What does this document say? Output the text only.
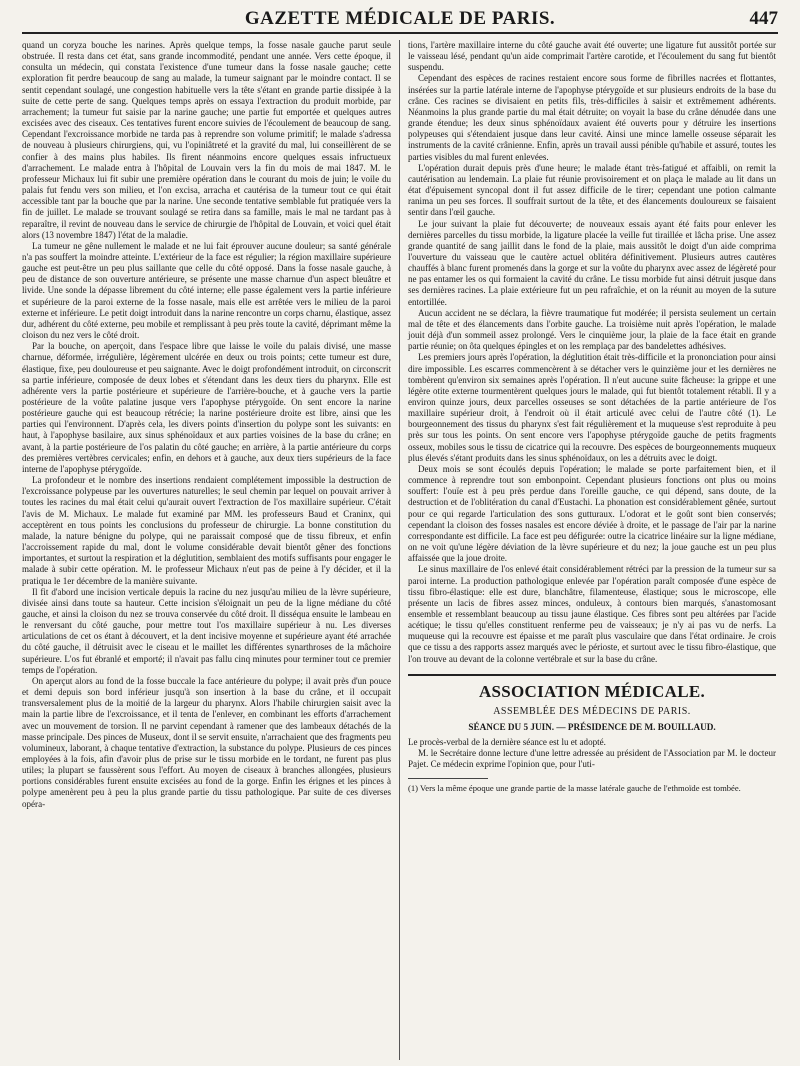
GAZETTE MÉDICALE DE PARIS.	447

quand un coryza bouche les narines. Après quelque temps, la fosse nasale gauche parut seule obstruée. Il resta dans cet état, sans grande incommodité, pendant une année. Vers cette époque, il consulta un médecin, qui constata l'existence d'une tumeur dans la fosse nasale gauche; cette exploration fit perdre beaucoup de sang au malade, la tumeur saignant par le moindre contact. Il se sentit cependant soulagé, une congestion habituelle vers la tête s'étant en grande partie dissipée à la suite de cette perte de sang. Quelques temps après on essaya l'extraction du produit morbide, par arrachement; la tumeur fut saisie par la narine gauche; une partie fut emportée et quelques autres excisées avec des ciseaux. Ces tentatives furent encore suivies de l'écoulement de beaucoup de sang. Cependant l'excroissance morbide ne tarda pas à reprendre son volume primitif; le malade s'adressa de nouveau à plusieurs chirurgiens, qui, vu l'opiniâtreté et la gravité du mal, lui conseillèrent de se confier à des mains plus habiles. Ils firent néanmoins encore quelques essais infructueux d'arrachement. Le malade entra à l'hôpital de Louvain vers la fin du mois de mai 1847. M. le professeur Michaux lui fit subir une première opération dans le courant du mois de juin; le voile du palais fut fendu vers son milieu, et l'on excisa, arracha et cautérisa de la tumeur tout ce qui était accessible tant par la bouche que par la narine. Une seconde tentative semblable fut pratiquée vers la fin de juillet. Le malade se trouvant soulagé se retira dans sa famille, mais le mal ne tardant pas à reparaître, il revint de nouveau dans le service de chirurgie de l'hôpital de Louvain, et voici quel était alors (13 novembre 1847) l'état de la maladie.

La tumeur ne gêne nullement le malade et ne lui fait éprouver aucune douleur; sa santé générale n'a pas souffert la moindre atteinte. L'extérieur de la face est régulier; la région maxillaire supérieure gauche est peut-être un peu plus saillante que celle du côté opposé. Dans la fosse nasale gauche, à peu de distance de son ouverture antérieure, se présente une masse charnue d'un aspect bleuâtre et livide. Une sonde la dépasse librement du côté interne; elle passe également vers la partie inférieure et supérieure de la paroi externe de la fosse nasale, mais elle est arrêtée vers le milieu de la paroi externe et inférieure. Le petit doigt introduit dans la narine rencontre un corps charnu, élastique, assez dur, adhérent du côté externe, peu mobile et remplissant à peu près toute la cavité, déprimant même la cloison du nez vers le côté droit.

Par la bouche, on aperçoit, dans l'espace libre que laisse le voile du palais divisé, une masse charnue, déformée, irrégulière, légèrement ulcérée en deux ou trois points; cette tumeur est dure, élastique, fixe, peu douloureuse et peu saignante. Avec le doigt profondément introduit, on circonscrit sa partie inférieure, composée de deux lobes et s'étendant dans les deux tiers du pharynx. Elle est adhérente vers la partie postérieure et supérieure de l'arrière-bouche, et à gauche vers la partie postérieure de la voûte palatine jusque vers l'apophyse ptérygoïde. On sent encore la narine postérieure gauche qui est beaucoup rétrécie; la narine postérieure droite est libre, ainsi que les parties qui l'environnent. D'après cela, les divers points d'insertion du polype sont les suivants: en haut, à l'apophyse basilaire, aux sinus sphénoïdaux et aux parties voisines de la base du crâne; en avant, à la partie postérieure de l'os palatin du côté gauche; en arrière, à la partie antérieure du corps des premières vertèbres cervicales; enfin, en dehors et à gauche, aux deux tiers supérieurs de la face interne de l'apophyse ptérygoïde.

La profondeur et le nombre des insertions rendaient complétement impossible la destruction de l'excroissance polypeuse par les ouvertures naturelles; le seul chemin par lequel on pouvait arriver à toutes les racines du mal était celui qu'aurait ouvert l'extraction de l'os maxillaire supérieur. C'était l'avis de M. Michaux. Le malade fut examiné par MM. les professeurs Baud et Craninx, qui acceptèrent en tous points les conclusions du professeur de chirurgie. La bonne constitution du malade, la nature bénigne du polype, qui ne paraissait composé que de tissu fibreux, et enfin l'accroissement rapide du mal, dont le volume considérable devait bientôt gêner des fonctions importantes, et surtout la respiration et la déglutition, semblaient des motifs suffisants pour engager le malade à subir cette opération. M. le professeur Michaux n'eut pas de peine à l'y décider, et il la pratiqua le 1er décembre de la manière suivante.

Il fit d'abord une incision verticale depuis la racine du nez jusqu'au milieu de la lèvre supérieure, divisée ainsi dans toute sa hauteur. Cette incision s'éloignait un peu de la ligne médiane du côté gauche, et ainsi la cloison du nez se trouva conservée du côté droit. Il disséqua ensuite le lambeau en le renversant du côté gauche, pour mettre tout l'os maxillaire supérieur à nu. Les diverses articulations de cet os étant à découvert, et la dent incisive moyenne et supérieure ayant été arrachée du côté gauche, il détruisit avec le ciseau et le maillet les différentes synarthroses de la mâchoire supérieure. L'os fut ébranlé et emporté; il n'avait pas fallu cinq minutes pour terminer tout ce premier temps de l'opération.

On aperçut alors au fond de la fosse buccale la face antérieure du polype; il avait près d'un pouce et demi depuis son bord inférieur jusqu'à son insertion à la base du crâne, et il occupait transversalement plus de la moitié de la largeur du pharynx. Alors l'habile chirurgien saisit avec la main la partie libre de l'excroissance, et il tenta de l'enlever, en combinant les efforts d'arrachement avec un mouvement de torsion. Il ne parvint cependant à ramener que des lambeaux détachés de la masse principale. Des pinces de Museux, dont il se servit ensuite, n'arrachaient que des fragments peu volumineux, laborant, à chaque tentative d'extraction, la substance du polype. Plusieurs de ces pinces employées à la fois, afin d'avoir plus de prise sur le tissu morbide en le tordant, ne furent pas plus utiles; la plupart se faussèrent sous l'effort. Au moyen de ciseaux à branches allongées, plusieurs portions considérables furent ensuite excisées au fond de la gorge. Enfin les érignes et les pinces à polype amenèrent peu à peu la plus grande partie du tissu pathologique. Par suite de ces diverses opéra-

tions, l'artère maxillaire interne du côté gauche avait été ouverte; une ligature fut aussitôt portée sur le vaisseau lésé, pendant qu'un aide comprimait l'artère carotide, et l'écoulement du sang fut bientôt suspendu.

Cependant des espèces de racines restaient encore sous forme de fibrilles nacrées et flottantes, insérées sur la partie latérale interne de l'apophyse ptérygoïde et sur plusieurs endroits de la base du crâne. Ces racines se divisaient en petits fils, très-difficiles à saisir et extrêmement adhérents. Néanmoins la plus grande partie du mal était détruite; on voyait la base du crâne dénudée dans une grande étendue; les deux sinus sphénoïdaux avaient été ouverts pour y détruire les insertions polypeuses qui s'étendaient jusque dans leur cavité. Ainsi une mince lamelle osseuse séparait les instruments de la cavité crânienne. Enfin, après un travail aussi pénible qu'habile et assuré, toutes les parties visibles du mal furent enlevées.

L'opération durait depuis près d'une heure; le malade étant très-fatigué et affaibli, on remit la cautérisation au lendemain. La plaie fut réunie provisoirement et on plaça le malade au lit dans un état d'épuisement syncopal dont il fut assez difficile de le tirer; cependant une potion calmante ranima un peu ses forces. Il souffrait surtout de la tête, et des élancements douloureux se faisaient sentir dans l'œil gauche.

Le jour suivant la plaie fut découverte; de nouveaux essais ayant été faits pour enlever les dernières parcelles du tissu morbide, la ligature placée la veille fut tiraillée et lâcha prise. Une assez grande quantité de sang jaillit dans le fond de la plaie, mais aussitôt le doigt d'un aide comprima l'ouverture du vaisseau que le cautère actuel oblitéra définitivement. Plusieurs autres cautères chauffés à blanc furent promenés dans la gorge et sur la voûte du pharynx avec assez de légèreté pour ne pas entamer les os qui formaient la cavité du crâne. Le tissu morbide fut ainsi détruit jusque dans ses dernières racines. La plaie extérieure fut un peu rafraîchie, et on la réunit au moyen de la suture entortillée.

Aucun accident ne se déclara, la fièvre traumatique fut modérée; il persista seulement un certain mal de tête et des élancements dans l'orbite gauche. La troisième nuit après l'opération, le malade jouit déjà d'un sommeil assez prolongé. Vers le cinquième jour, la plaie de la face était en grande partie réunie; on ôta quelques épingles et on les remplaça par des bandelettes adhésives.

Les premiers jours après l'opération, la déglutition était très-difficile et la prononciation pour ainsi dire impossible. Les escarres commencèrent à se détacher vers le quinzième jour et les dernières ne tombèrent qu'environ six semaines après l'opération. Il n'eut aucune suite fâcheuse: la grippe et une légère otite externe tourmentèrent quelques jours le malade, qui fut bientôt totalement rétabli. Il y a environ quinze jours, deux parcelles osseuses se sont détachées de la partie antérieure de l'os maxillaire supérieur droit, à l'endroit où il était articulé avec celui de l'autre côté (1). Le bourgeonnement des tissus du pharynx s'est fait régulièrement et la muqueuse s'est reproduite à peu près sur tous les points. On sent encore vers l'apophyse ptérygoïde gauche de petits fragments osseux, mobiles sous le tissu de cicatrice qui la recouvre. Des espèces de bourgeonnements muqueux plus élevés s'étant produits dans les sinus sphénoïdaux, on les a détruits avec le doigt.

Deux mois se sont écoulés depuis l'opération; le malade se porte parfaitement bien, et il commence à reprendre tout son embonpoint. Cependant plusieurs fonctions ont plus ou moins souffert: l'ouïe est à peu près perdue dans l'oreille gauche, ce qui dépend, sans doute, de la destruction et de l'oblitération du canal d'Eustachi. La phonation est considérablement gênée, surtout pour ce qui regarde l'articulation des sons gutturaux. L'odorat et le goût sont bien conservés; cependant la cloison des fosses nasales est encore déviée à droite, et le passage de l'air par la narine correspondante est difficile. La face est peu défigurée: outre la cicatrice linéaire sur la ligne médiane, on ne voit qu'une légère déviation de la lèvre supérieure et du nez; la joue gauche est un peu plus affaissée que la joue droite.

Le sinus maxillaire de l'os enlevé était considérablement rétréci par la pression de la tumeur sur sa paroi interne. La production pathologique enlevée par l'opération paraît composée d'une espèce de tissu fibro-élastique: elle est dure, blanchâtre, filamenteuse, élastique; sous le microscope, elle présente un lacis de fibres assez minces, onduleux, à contours bien marqués, s'anastomosant ensemble et ressemblant beaucoup au tissu jaune élastique. Ces fibres sont peu altérées par l'acide acétique; le tissu qu'elles constituent renferme peu de vaisseaux; je n'y ai pas vu de nerfs. La muqueuse qui la recouvre est épaisse et me paraît plus vasculaire que dans l'état ordinaire. Je crois que ce tissu a des rapports assez marqués avec le périoste, et surtout avec le tissu fibro-élastique, que l'on trouve au devant de la colonne vertébrale et sur la base du crâne.

ASSOCIATION MÉDICALE.
ASSEMBLÉE DES MÉDECINS DE PARIS.
SÉANCE DU 5 JUIN. — PRÉSIDENCE DE M. BOUILLAUD.

Le procès-verbal de la dernière séance est lu et adopté.

M. le Secrétaire donne lecture d'une lettre adressée au président de l'Association par M. le docteur Pajet. Ce médecin exprime l'opinion que, pour l'uti-

(1) Vers la même époque une grande partie de la masse latérale gauche de l'ethmoïde est tombée.
